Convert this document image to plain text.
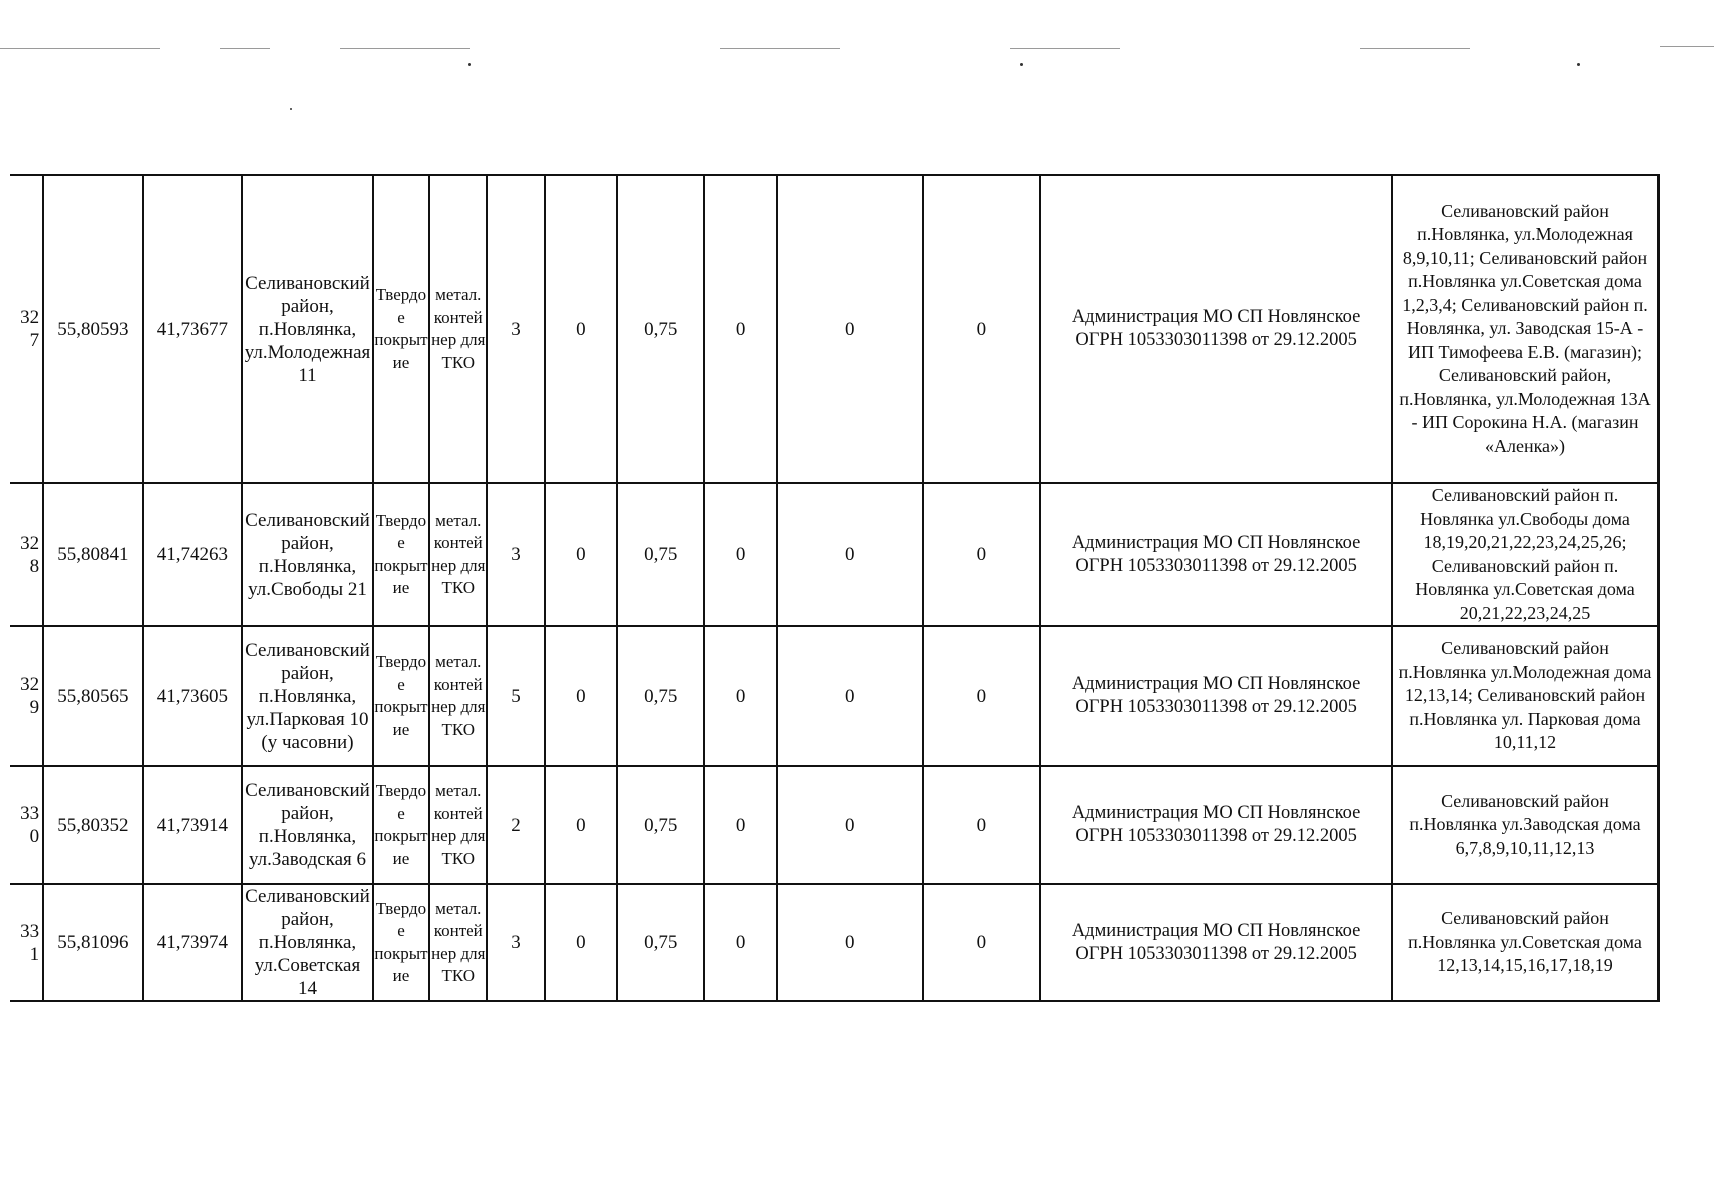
327	55,80593	41,73677	Селивановский район, п.Новлянка, ул.Молодежная 11	Твердое покрытие	метал. контейнер для ТКО	3	0	0,75	0	0	0	Администрация МО СП Новлянское
ОГРН 1053303011398 от 29.12.2005	Селивановский район п.Новлянка, ул.Молодежная 8,9,10,11; Селивановский район п.Новлянка ул.Советская дома 1,2,3,4; Селивановский район п. Новлянка, ул. Заводская 15-А - ИП Тимофеева Е.В. (магазин); Селивановский район, п.Новлянка, ул.Молодежная 13А - ИП Сорокина Н.А. (магазин «Аленка»)
328	55,80841	41,74263	Селивановский район, п.Новлянка, ул.Свободы 21	Твердое покрытие	метал. контейнер для ТКО	3	0	0,75	0	0	0	Администрация МО СП Новлянское
ОГРН 1053303011398 от 29.12.2005	Селивановский район п. Новлянка ул.Свободы дома 18,19,20,21,22,23,24,25,26; Селивановский район п. Новлянка ул.Советская дома 20,21,22,23,24,25
329	55,80565	41,73605	Селивановский район, п.Новлянка, ул.Парковая 10 (у часовни)	Твердое покрытие	метал. контейнер для ТКО	5	0	0,75	0	0	0	Администрация МО СП Новлянское
ОГРН 1053303011398 от 29.12.2005	Селивановский район п.Новлянка ул.Молодежная дома 12,13,14; Селивановский район п.Новлянка ул. Парковая дома 10,11,12
330	55,80352	41,73914	Селивановский район, п.Новлянка, ул.Заводская 6	Твердое покрытие	метал. контейнер для ТКО	2	0	0,75	0	0	0	Администрация МО СП Новлянское
ОГРН 1053303011398 от 29.12.2005	Селивановский район п.Новлянка ул.Заводская дома 6,7,8,9,10,11,12,13
331	55,81096	41,73974	Селивановский район, п.Новлянка, ул.Советская 14	Твердое покрытие	метал. контейнер для ТКО	3	0	0,75	0	0	0	Администрация МО СП Новлянское
ОГРН 1053303011398 от 29.12.2005	Селивановский район п.Новлянка ул.Советская дома 12,13,14,15,16,17,18,19
